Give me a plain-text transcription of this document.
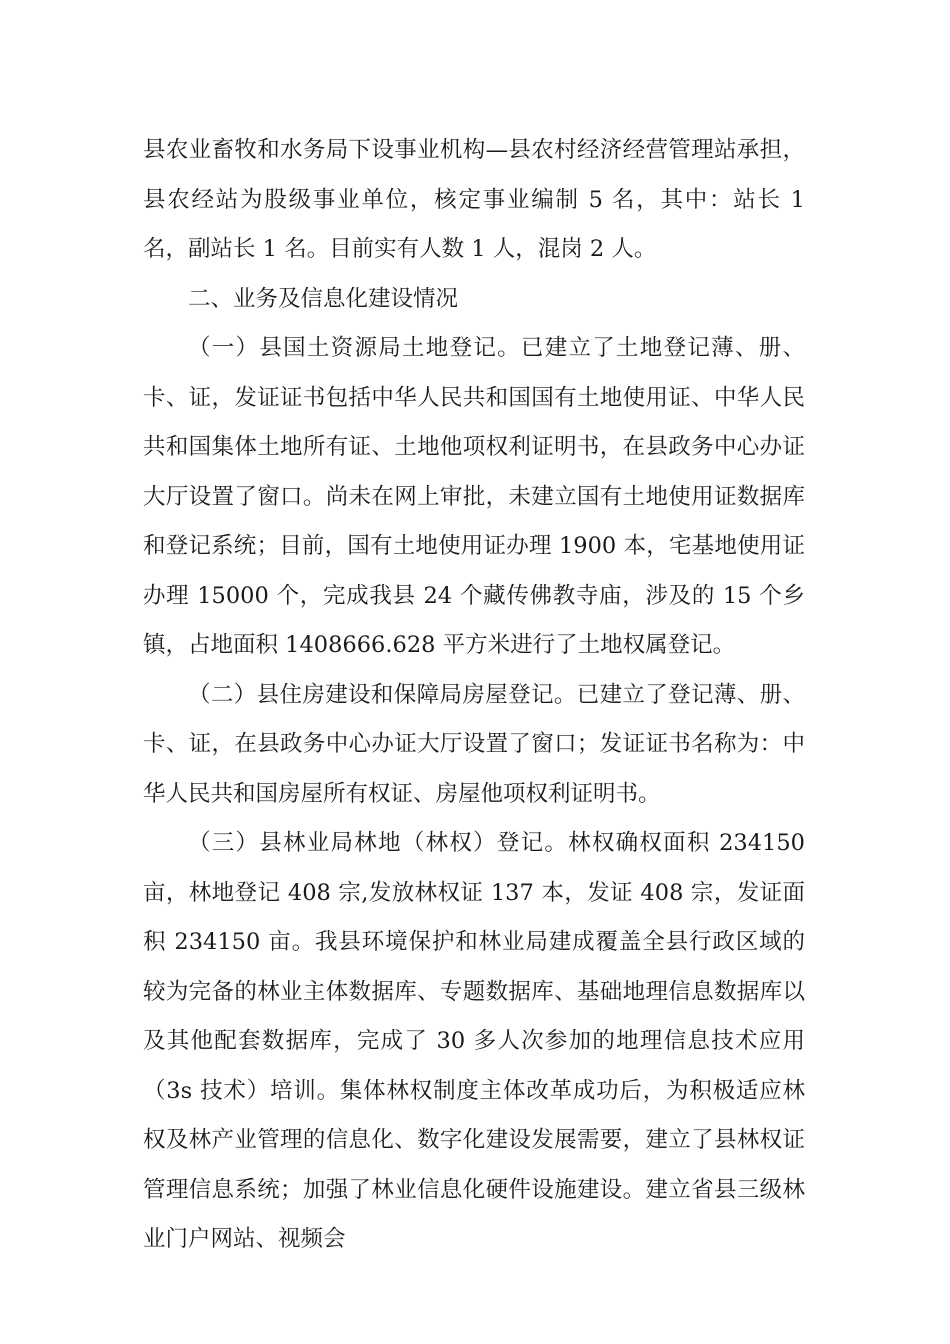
县农业畜牧和水务局下设事业机构—县农村经济经营管理站承担，县农经站为股级事业单位，核定事业编制 5 名，其中：站长 1 名，副站长 1 名。目前实有人数 1 人，混岗 2 人。

二、业务及信息化建设情况

（一）县国土资源局土地登记。已建立了土地登记薄、册、卡、证，发证证书包括中华人民共和国国有土地使用证、中华人民共和国集体土地所有证、土地他项权利证明书，在县政务中心办证大厅设置了窗口。尚未在网上审批，未建立国有土地使用证数据库和登记系统；目前，国有土地使用证办理 1900 本，宅基地使用证办理 15000 个，完成我县 24 个藏传佛教寺庙，涉及的 15 个乡镇，占地面积 1408666.628 平方米进行了土地权属登记。

（二）县住房建设和保障局房屋登记。已建立了登记薄、册、卡、证，在县政务中心办证大厅设置了窗口；发证证书名称为：中华人民共和国房屋所有权证、房屋他项权利证明书。

（三）县林业局林地（林权）登记。林权确权面积 234150 亩，林地登记 408 宗,发放林权证 137 本，发证 408 宗，发证面积 234150 亩。我县环境保护和林业局建成覆盖全县行政区域的较为完备的林业主体数据库、专题数据库、基础地理信息数据库以及其他配套数据库，完成了 30 多人次参加的地理信息技术应用（3s 技术）培训。集体林权制度主体改革成功后，为积极适应林权及林产业管理的信息化、数字化建设发展需要，建立了县林权证管理信息系统；加强了林业信息化硬件设施建设。建立省县三级林业门户网站、视频会
